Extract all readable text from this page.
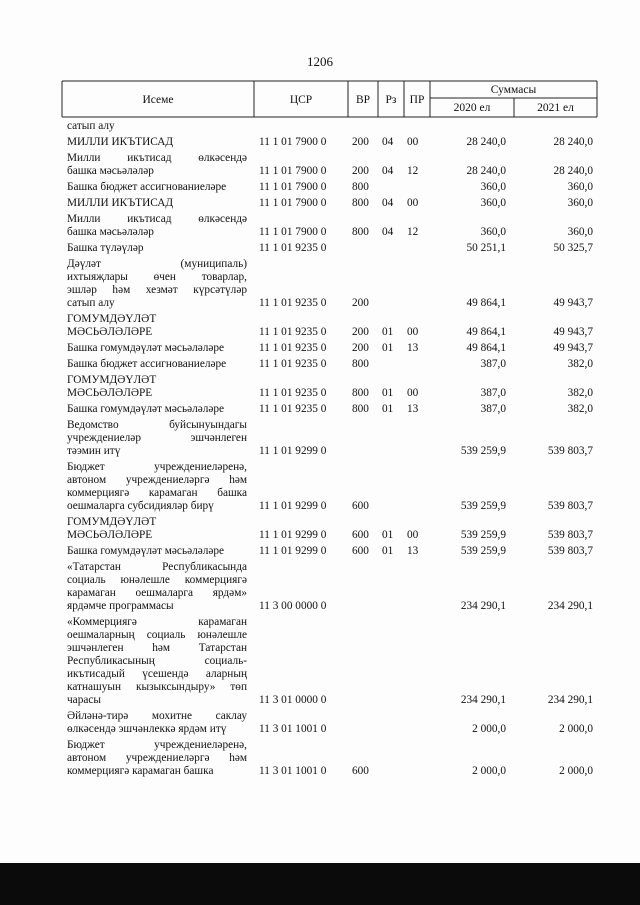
1206
Исеме	ЦСР	ВР	Рз	ПР
Суммасы
2020 ел	2021 ел
сатып алу
МИЛЛИ ИКЪТИСАД	11 1 01 7900 0	200	04	00	28 240,0	28 240,0
Милли икътисад өлкәсендә
башка мәсьәләләр	11 1 01 7900 0	200	04	12	28 240,0	28 240,0
Башка бюджет ассигнованиеләре	11 1 01 7900 0	800	360,0	360,0
МИЛЛИ ИКЪТИСАД	11 1 01 7900 0	800	04	00	360,0	360,0
Милли икътисад өлкәсендә
башка мәсьәләләр	11 1 01 7900 0	800	04	12	360,0	360,0
Башка түләүләр	11 1 01 9235 0	50 251,1	50 325,7
Дәүләт (муниципаль)
ихтыяҗлары өчен товарлар,
эшләр һәм хезмәт күрсәтүләр
сатып алу	11 1 01 9235 0	200	49 864,1	49 943,7
ГОМУМДӘҮЛӘТ
МӘСЬӘЛӘЛӘРЕ	11 1 01 9235 0	200	01	00	49 864,1	49 943,7
Башка гомумдәүләт мәсьәләләре	11 1 01 9235 0	200	01	13	49 864,1	49 943,7
Башка бюджет ассигнованиеләре	11 1 01 9235 0	800	387,0	382,0
ГОМУМДӘҮЛӘТ
МӘСЬӘЛӘЛӘРЕ	11 1 01 9235 0	800	01	00	387,0	382,0
Башка гомумдәүләт мәсьәләләре	11 1 01 9235 0	800	01	13	387,0	382,0
Ведомство буйсынуындагы
учреждениеләр эшчәнлеген
тәэмин итү	11 1 01 9299 0	539 259,9	539 803,7
Бюджет учреждениеләренә,
автоном учреждениеләргә һәм
коммерциягә карамаган башка
оешмаларга субсидияләр бирү	11 1 01 9299 0	600	539 259,9	539 803,7
ГОМУМДӘҮЛӘТ
МӘСЬӘЛӘЛӘРЕ	11 1 01 9299 0	600	01	00	539 259,9	539 803,7
Башка гомумдәүләт мәсьәләләре	11 1 01 9299 0	600	01	13	539 259,9	539 803,7
«Татарстан Республикасында
социаль юнәлешле коммерциягә
карамаган оешмаларга ярдәм»
ярдәмче программасы	11 3 00 0000 0	234 290,1	234 290,1
«Коммерциягә карамаган
оешмаларның социаль юнәлешле
эшчәнлеген һәм Татарстан
Республикасының социаль-
икътисадый үсешендә аларның
катнашуын кызыксындыру» төп
чарасы	11 3 01 0000 0	234 290,1	234 290,1
Әйләнә-тирә мохитне саклау
өлкәсендә эшчәнлеккә ярдәм итү	11 3 01 1001 0	2 000,0	2 000,0
Бюджет учреждениеләренә,
автоном учреждениеләргә һәм
коммерциягә карамаган башка	11 3 01 1001 0	600	2 000,0	2 000,0
